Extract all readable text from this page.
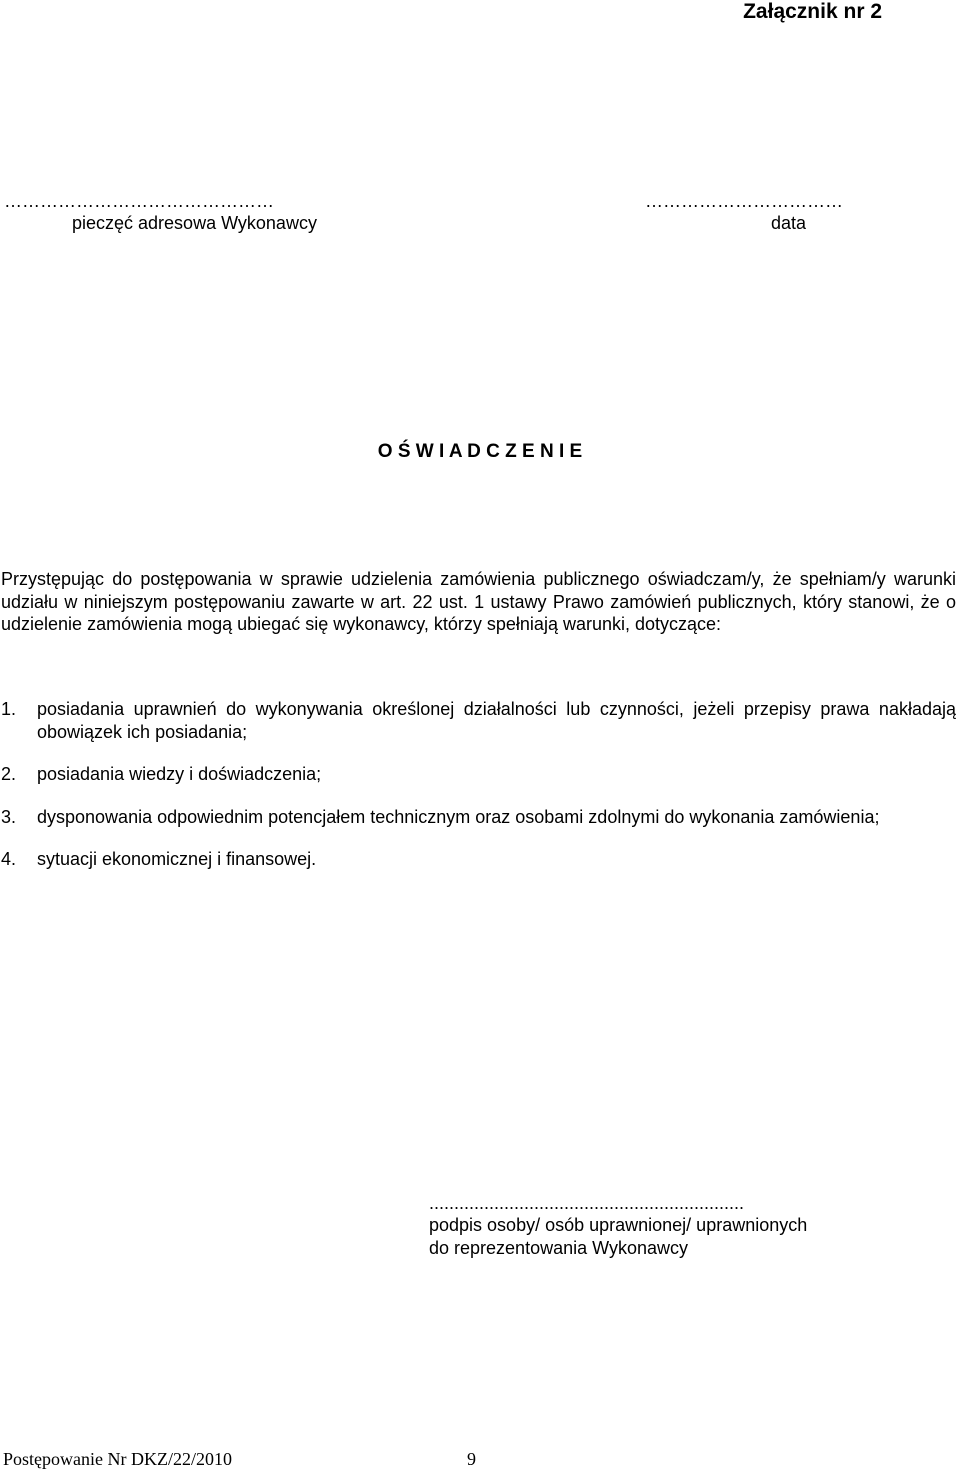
Załącznik nr 2
………………………………………
pieczęć adresowa Wykonawcy
……………………………
data
O Ś W I A D C Z E N I E

Przystępując do postępowania w sprawie udzielenia zamówienia publicznego oświadczam/y, że spełniam/y warunki udziału w niniejszym postępowaniu zawarte w art. 22 ust. 1 ustawy Prawo zamówień publicznych, który stanowi, że o udzielenie zamówienia mogą ubiegać się wykonawcy, którzy spełniają warunki, dotyczące:

1. posiadania uprawnień do wykonywania określonej działalności lub czynności, jeżeli przepisy prawa nakładają obowiązek ich posiadania;
2. posiadania wiedzy i doświadczenia;
3. dysponowania odpowiednim potencjałem technicznym oraz osobami zdolnymi do wykonania zamówienia;
4. sytuacji ekonomicznej i finansowej.
...............................................................
podpis osoby/ osób uprawnionej/ uprawnionych
do reprezentowania Wykonawcy
Postępowanie Nr DKZ/22/2010	9
